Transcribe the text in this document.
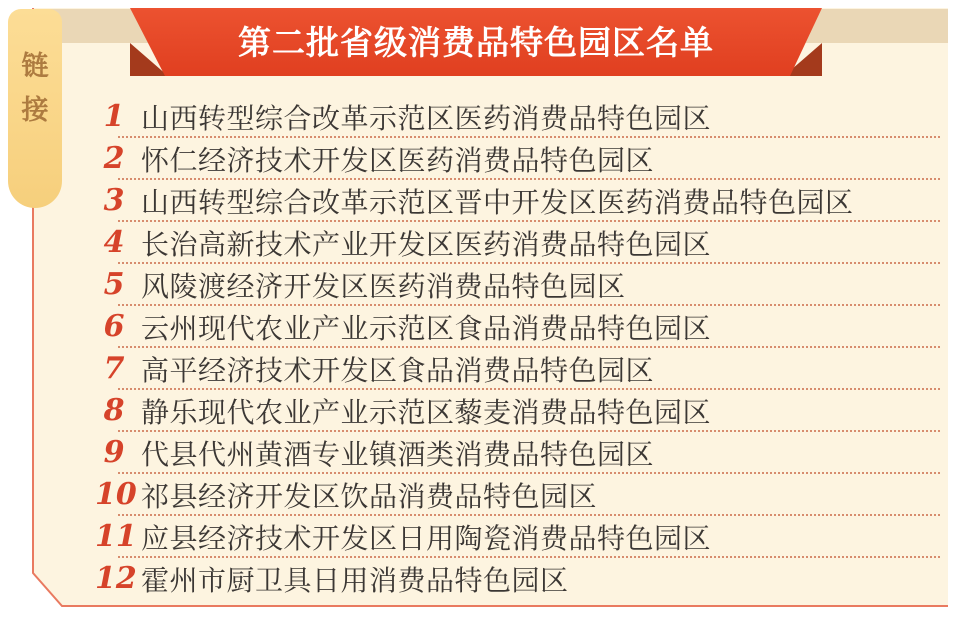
第二批省级消费品特色园区名单
链接 1 山西转型综合改革示范区医药消费品特色园区
2 怀仁经济技术开发区医药消费品特色园区
3 山西转型综合改革示范区晋中开发区医药消费品特色园区
4 长治高新技术产业开发区医药消费品特色园区
5 风陵渡经济开发区医药消费品特色园区
6 云州现代农业产业示范区食品消费品特色园区
7 高平经济技术开发区食品消费品特色园区
8 静乐现代农业产业示范区藜麦消费品特色园区
9 代县代州黄酒专业镇酒类消费品特色园区
10 祁县经济开发区饮品消费品特色园区
11 应县经济技术开发区日用陶瓷消费品特色园区
12 霍州市厨卫具日用消费品特色园区
